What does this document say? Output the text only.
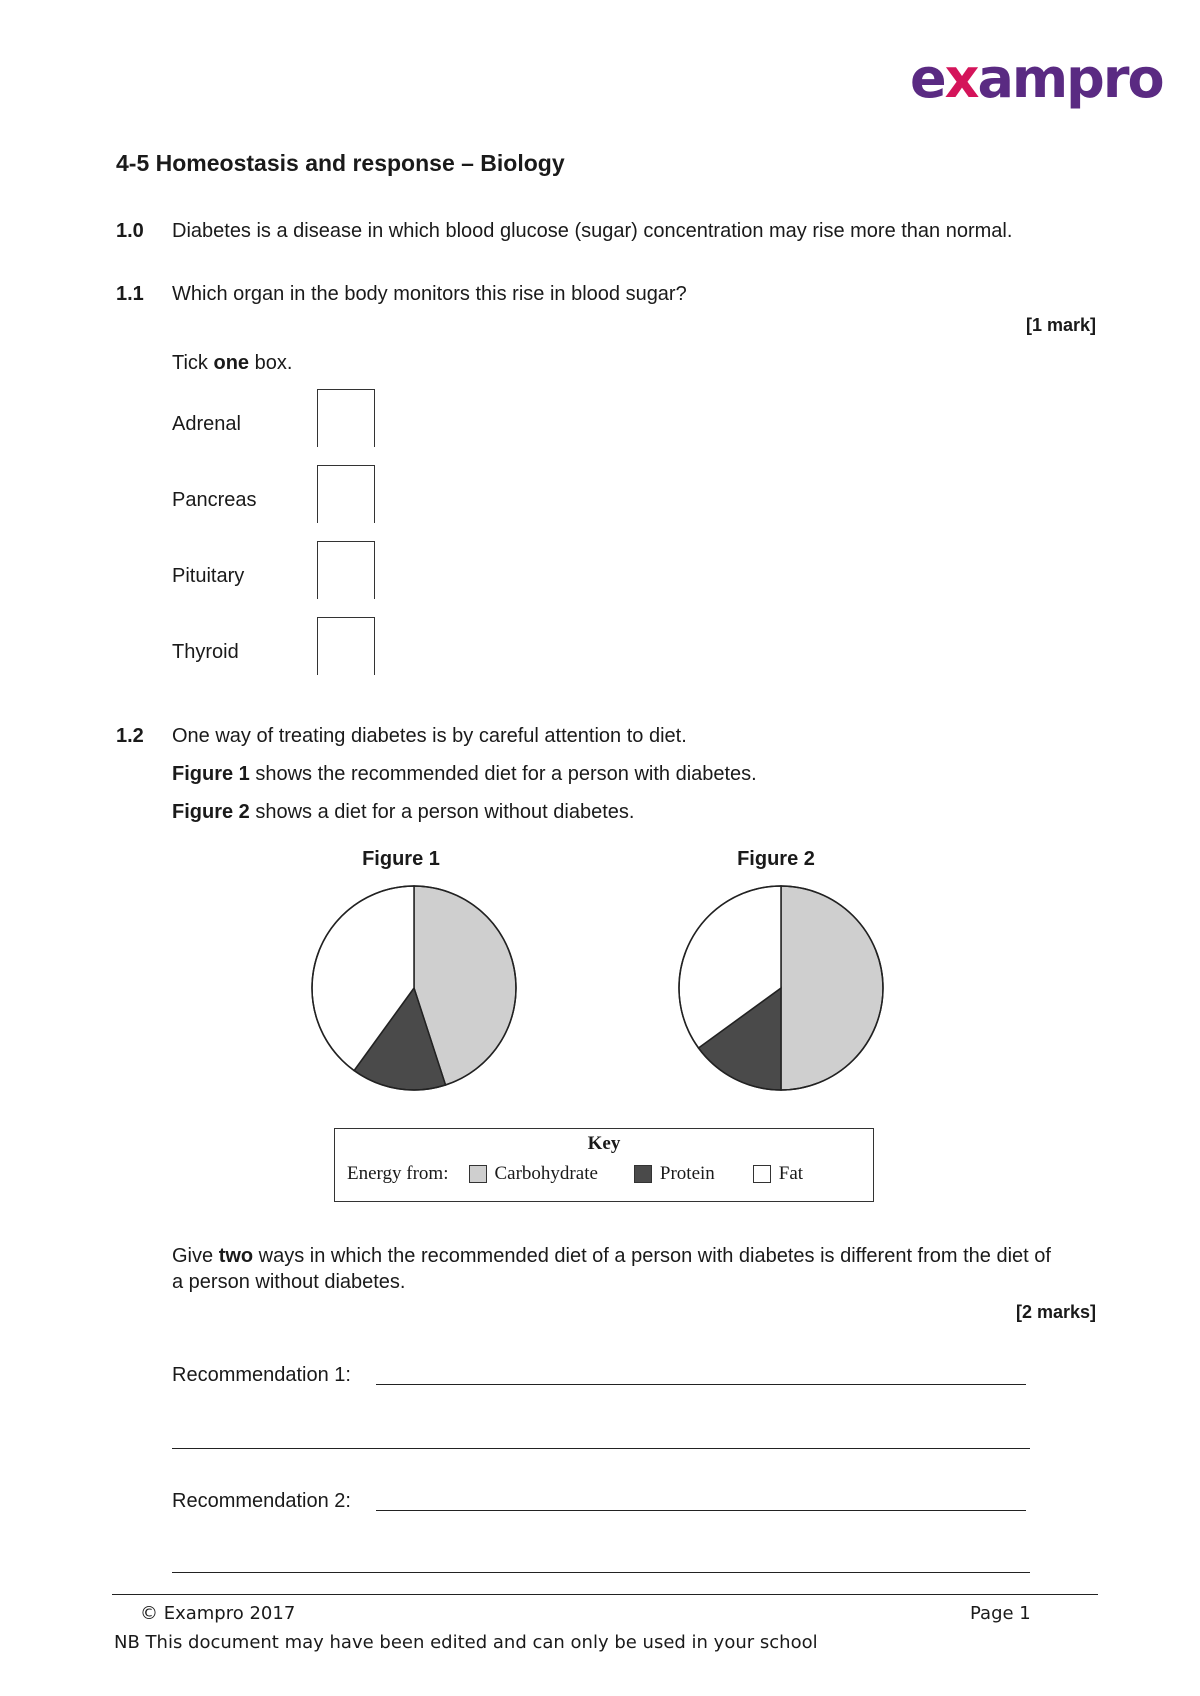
exampro
4-5 Homeostasis and response – Biology
1.0 Diabetes is a disease in which blood glucose (sugar) concentration may rise more than normal.
1.1 Which organ in the body monitors this rise in blood sugar?
[1 mark]
Tick one box.
Adrenal
Pancreas
Pituitary
Thyroid
1.2 One way of treating diabetes is by careful attention to diet.
Figure 1 shows the recommended diet for a person with diabetes.
Figure 2 shows a diet for a person without diabetes.
Figure 1	Figure 2
Key
Energy from: Carbohydrate	Protein	Fat
Give two ways in which the recommended diet of a person with diabetes is different from the diet of a person without diabetes.
[2 marks]
Recommendation 1:
Recommendation 2:
© Exampro 2017	Page 1
NB This document may have been edited and can only be used in your school
